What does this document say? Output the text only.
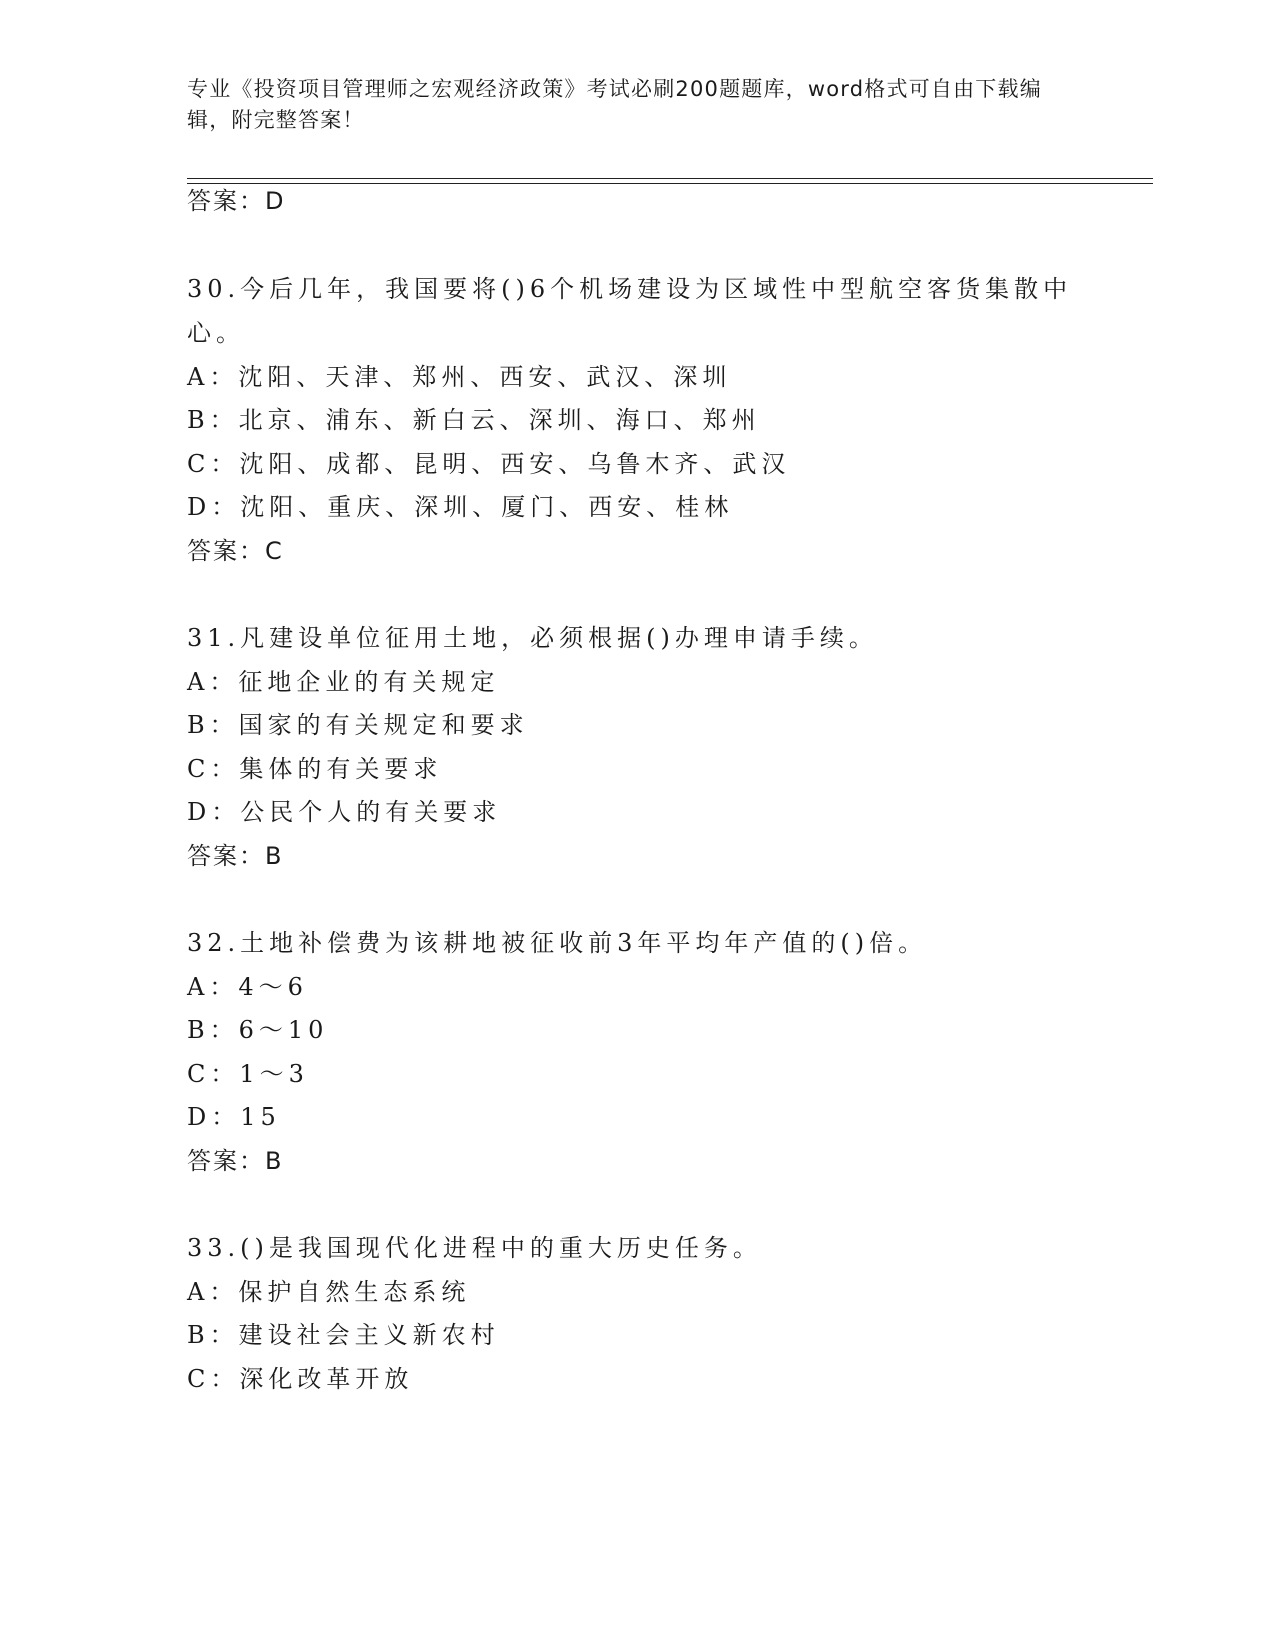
专业《投资项目管理师之宏观经济政策》考试必刷200题题库，word格式可自由下载编辑，附完整答案！
答案：D
30.今后几年，我国要将()6个机场建设为区域性中型航空客货集散中
心。
A：沈阳、天津、郑州、西安、武汉、深圳
B：北京、浦东、新白云、深圳、海口、郑州
C：沈阳、成都、昆明、西安、乌鲁木齐、武汉
D：沈阳、重庆、深圳、厦门、西安、桂林
答案：C
31.凡建设单位征用土地，必须根据()办理申请手续。
A：征地企业的有关规定
B：国家的有关规定和要求
C：集体的有关要求
D：公民个人的有关要求
答案：B
32.土地补偿费为该耕地被征收前3年平均年产值的()倍。
A：4～6
B：6～10
C：1～3
D：15
答案：B
33.()是我国现代化进程中的重大历史任务。
A：保护自然生态系统
B：建设社会主义新农村
C：深化改革开放
